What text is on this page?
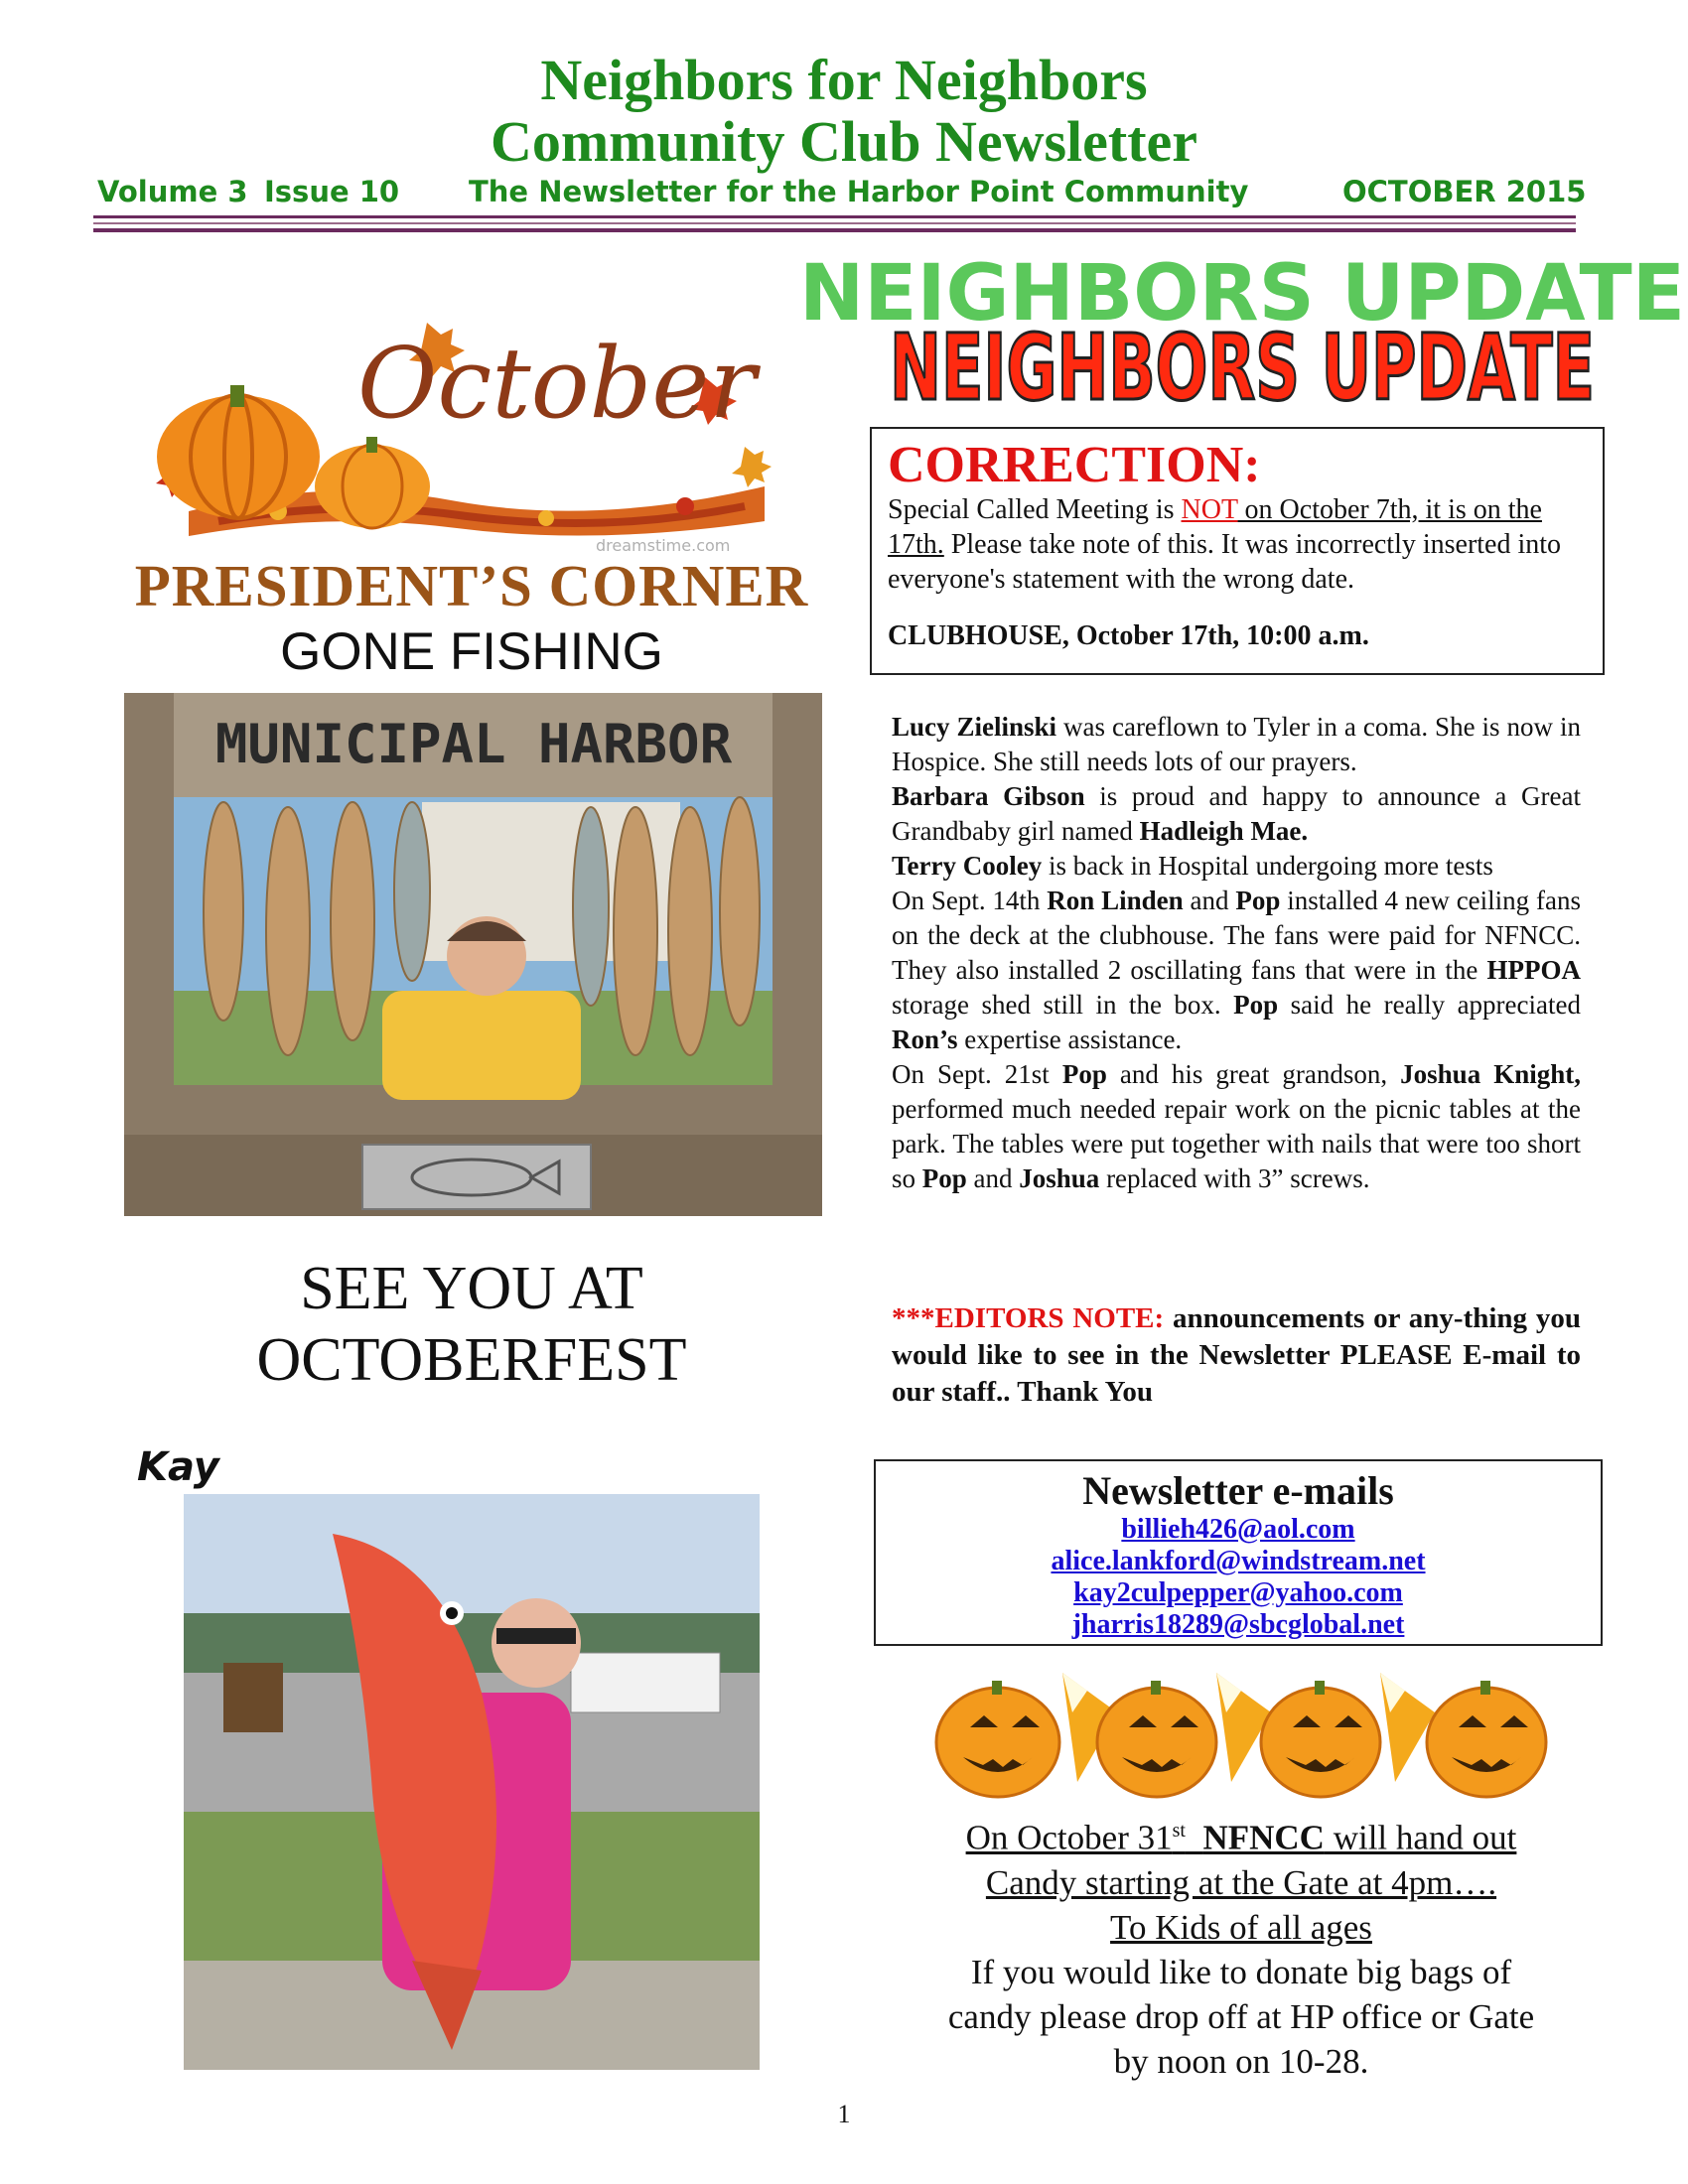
Neighbors for Neighbors
Community Club Newsletter
Volume 3 Issue 10 The Newsletter for the Harbor Point Community	OCTOBER 2015
October
dreamstime.com
PRESIDENT’S CORNER
GONE FISHING
MUNICIPAL HARBOR
SEE YOU AT
OCTOBERFEST
Kay
NEIGHBORS UPDATE
NEIGHBORS UPDATE
CORRECTION:
Special Called Meeting is NOT on October 7th, it is on the 17th. Please take note of this. It was incorrectly inserted into everyone's statement with the wrong date.
CLUBHOUSE, October 17th, 10:00 a.m.

Lucy Zielinski was careflown to Tyler in a coma. She is now in Hospice. She still needs lots of our prayers.

Barbara Gibson is proud and happy to announce a Great Grandbaby girl named Hadleigh Mae.

Terry Cooley is back in Hospital undergoing more tests

On Sept. 14th Ron Linden and Pop installed 4 new ceiling fans on the deck at the clubhouse. The fans were paid for NFNCC. They also installed 2 oscillating fans that were in the HPPOA storage shed still in the box. Pop said he really appreciated Ron’s expertise assistance.

On Sept. 21st Pop and his great grandson, Joshua Knight, performed much needed repair work on the picnic tables at the park. The tables were put together with nails that were too short so Pop and Joshua replaced with 3” screws.

***EDITORS NOTE: announcements or any-thing you would like to see in the Newsletter PLEASE E-mail to our staff.. Thank You
Newsletter e-mails
billieh426@aol.com
alice.lankford@windstream.net
kay2culpepper@yahoo.com
jharris18289@sbcglobal.net
On October 31st NFNCC will hand out
Candy starting at the Gate at 4pm….
To Kids of all ages
If you would like to donate big bags of
candy please drop off at HP office or Gate
by noon on 10-28.
1
